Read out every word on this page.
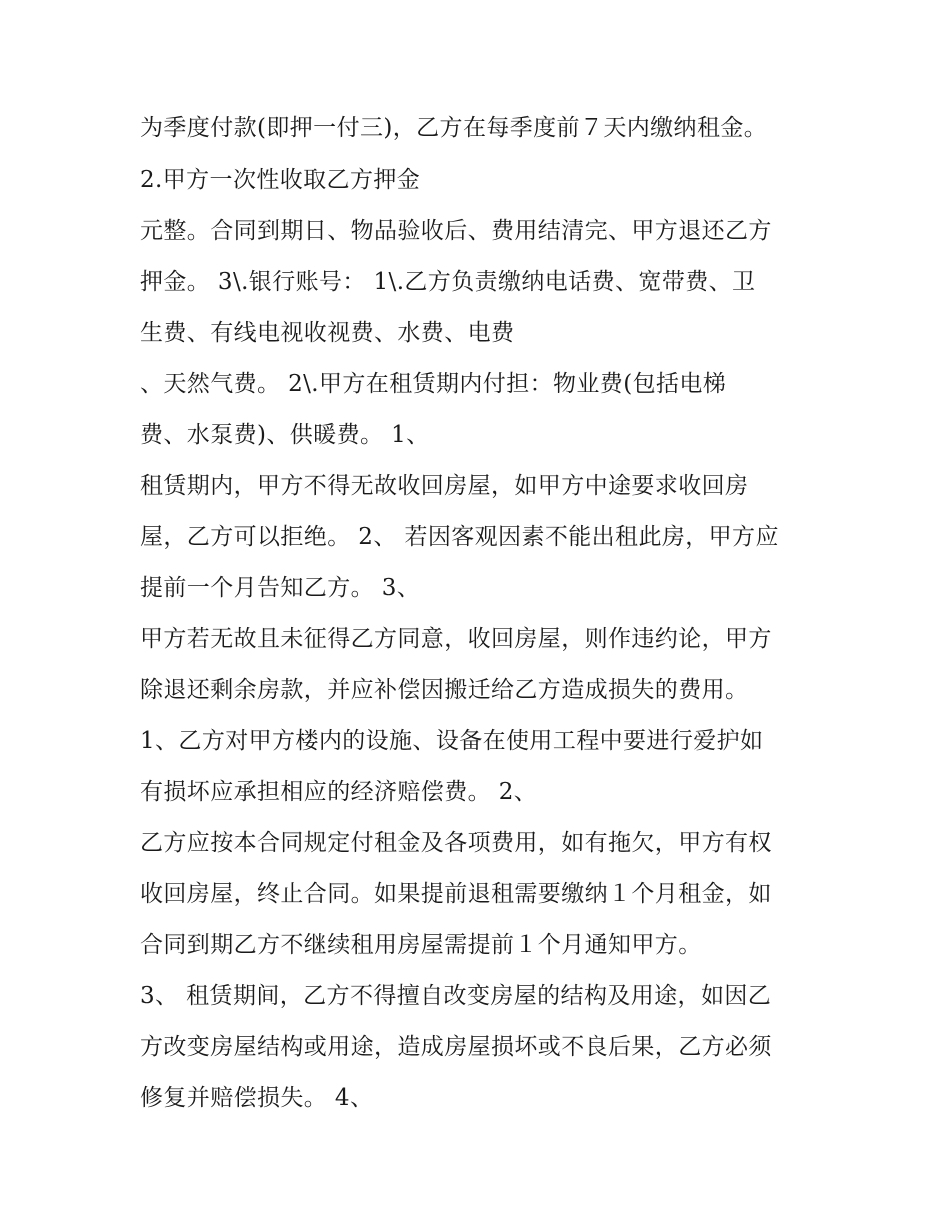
为季度付款(即押一付三)，乙方在每季度前７天内缴纳租金。
2.甲方一次性收取乙方押金
元整。合同到期日、物品验收后、费用结清完、甲方退还乙方
押金。 3\.银行账号： 1\.乙方负责缴纳电话费、宽带费、卫
生费、有线电视收视费、水费、电费
、天然气费。 2\.甲方在租赁期内付担：物业费(包括电梯
费、水泵费)、供暖费。 1、
租赁期内，甲方不得无故收回房屋，如甲方中途要求收回房
屋，乙方可以拒绝。 2、 若因客观因素不能出租此房，甲方应
提前一个月告知乙方。 3、
甲方若无故且未征得乙方同意，收回房屋，则作违约论，甲方
除退还剩余房款，并应补偿因搬迁给乙方造成损失的费用。
1、乙方对甲方楼内的设施、设备在使用工程中要进行爱护如
有损坏应承担相应的经济赔偿费。 2、
乙方应按本合同规定付租金及各项费用，如有拖欠，甲方有权
收回房屋，终止合同。如果提前退租需要缴纳１个月租金，如
合同到期乙方不继续租用房屋需提前１个月通知甲方。
3、 租赁期间，乙方不得擅自改变房屋的结构及用途，如因乙
方改变房屋结构或用途，造成房屋损坏或不良后果，乙方必须
修复并赔偿损失。 4、
